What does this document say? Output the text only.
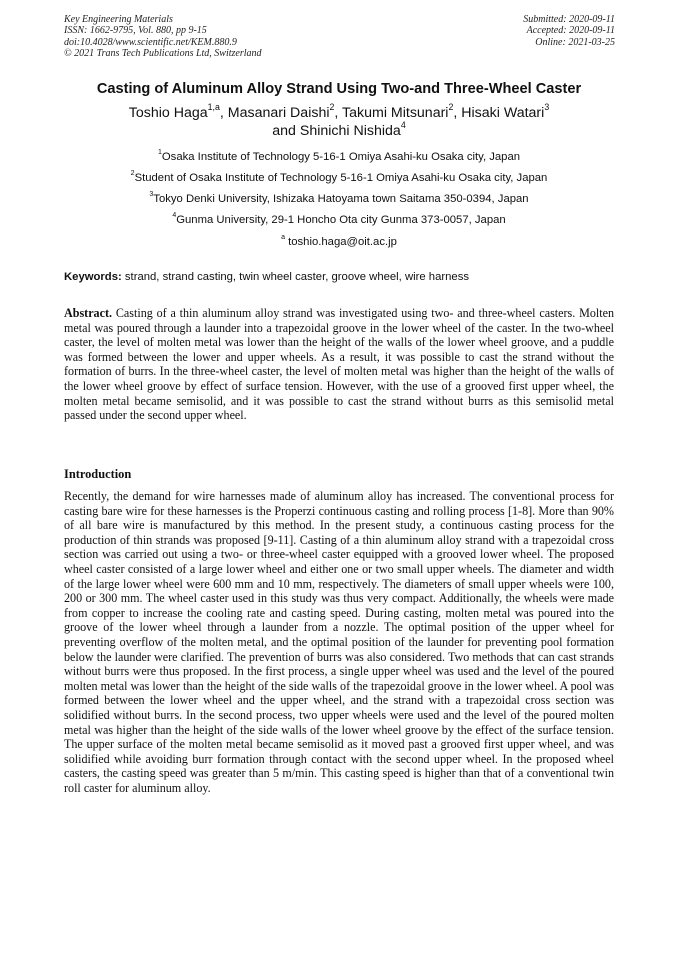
Key Engineering Materials
ISSN: 1662-9795, Vol. 880, pp 9-15
doi:10.4028/www.scientific.net/KEM.880.9
© 2021 Trans Tech Publications Ltd, Switzerland
Submitted: 2020-09-11
Accepted: 2020-09-11
Online: 2021-03-25
Casting of Aluminum Alloy Strand Using Two-and Three-Wheel Caster
Toshio Haga$^{1,a}$, Masanari Daishi$^2$, Takumi Mitsunari$^2$, Hisaki Watari$^3$
and Shinichi Nishida$^4$
$^1$Osaka Institute of Technology 5-16-1 Omiya Asahi-ku Osaka city, Japan
$^2$Student of Osaka Institute of Technology 5-16-1 Omiya Asahi-ku Osaka city, Japan
$^3$Tokyo Denki University, Ishizaka Hatoyama town Saitama 350-0394, Japan
$^4$Gunma University, 29-1 Honcho Ota city Gunma 373-0057, Japan
$^a$ toshio.haga@oit.ac.jp
Keywords: strand, strand casting, twin wheel caster, groove wheel, wire harness
Abstract. Casting of a thin aluminum alloy strand was investigated using two- and three-wheel casters. Molten metal was poured through a launder into a trapezoidal groove in the lower wheel of the caster. In the two-wheel caster, the level of molten metal was lower than the height of the walls of the lower wheel groove, and a puddle was formed between the lower and upper wheels. As a result, it was possible to cast the strand without the formation of burrs. In the three-wheel caster, the level of molten metal was higher than the height of the walls of the lower wheel groove by effect of surface tension. However, with the use of a grooved first upper wheel, the molten metal became semisolid, and it was possible to cast the strand without burrs as this semisolid metal passed under the second upper wheel.
Introduction
Recently, the demand for wire harnesses made of aluminum alloy has increased. The conventional process for casting bare wire for these harnesses is the Properzi continuous casting and rolling process [1-8]. More than 90% of all bare wire is manufactured by this method. In the present study, a continuous casting process for the production of thin strands was proposed [9-11]. Casting of a thin aluminum alloy strand with a trapezoidal cross section was carried out using a two- or three-wheel caster equipped with a grooved lower wheel. The proposed wheel caster consisted of a large lower wheel and either one or two small upper wheels. The diameter and width of the large lower wheel were 600 mm and 10 mm, respectively. The diameters of small upper wheels were 100, 200 or 300 mm. The wheel caster used in this study was thus very compact. Additionally, the wheels were made from copper to increase the cooling rate and casting speed. During casting, molten metal was poured into the groove of the lower wheel through a launder from a nozzle. The optimal position of the upper wheel for preventing overflow of the molten metal, and the optimal position of the launder for preventing pool formation below the launder were clarified. The prevention of burrs was also considered. Two methods that can cast strands without burrs were thus proposed. In the first process, a single upper wheel was used and the level of the poured molten metal was lower than the height of the side walls of the trapezoidal groove in the lower wheel. A pool was formed between the lower wheel and the upper wheel, and the strand with a trapezoidal cross section was solidified without burrs. In the second process, two upper wheels were used and the level of the poured molten metal was higher than the height of the side walls of the lower wheel groove by the effect of the surface tension. The upper surface of the molten metal became semisolid as it moved past a grooved first upper wheel, and was solidified while avoiding burr formation through contact with the second upper wheel. In the proposed wheel casters, the casting speed was greater than 5 m/min. This casting speed is higher than that of a conventional twin roll caster for aluminum alloy.
